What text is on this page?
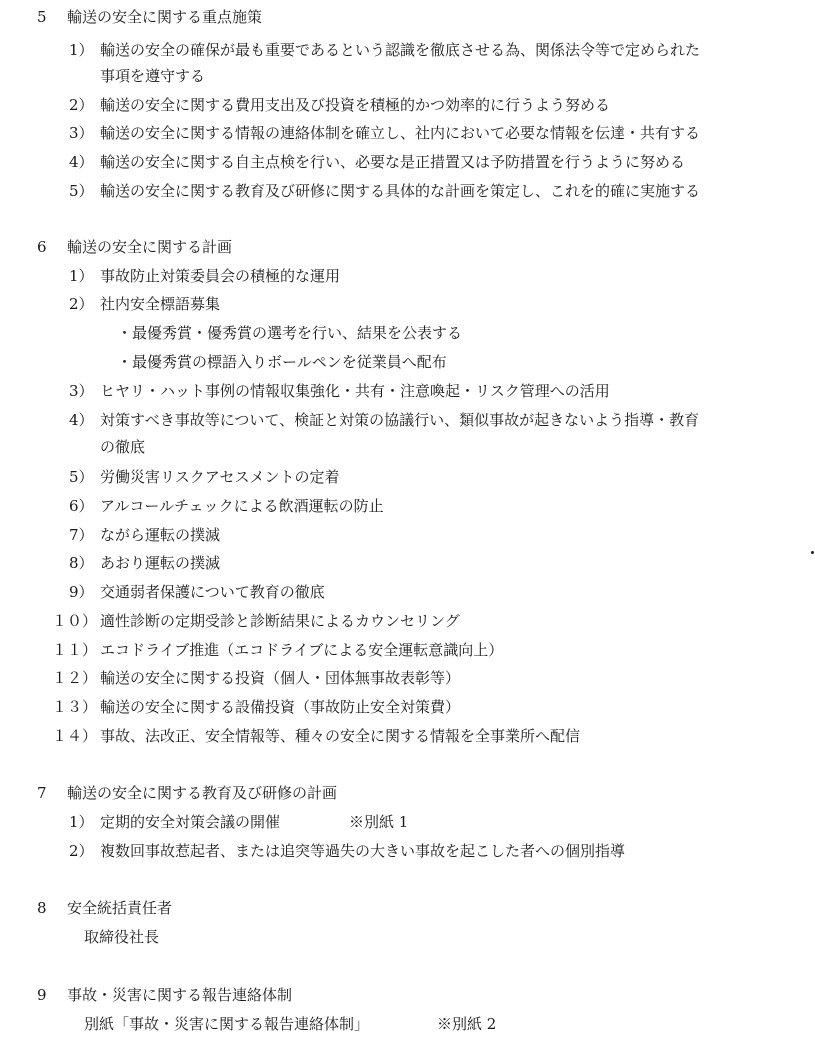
5 輸送の安全に関する重点施策
1） 輸送の安全の確保が最も重要であるという認識を徹底させる為、関係法令等で定められた
事項を遵守する
2） 輸送の安全に関する費用支出及び投資を積極的かつ効率的に行うよう努める
3） 輸送の安全に関する情報の連絡体制を確立し、社内において必要な情報を伝達・共有する
4） 輸送の安全に関する自主点検を行い、必要な是正措置又は予防措置を行うように努める
5） 輸送の安全に関する教育及び研修に関する具体的な計画を策定し、これを的確に実施する
6 輸送の安全に関する計画
1） 事故防止対策委員会の積極的な運用
2） 社内安全標語募集
・最優秀賞・優秀賞の選考を行い、結果を公表する
・最優秀賞の標語入りボールペンを従業員へ配布
3） ヒヤリ・ハット事例の情報収集強化・共有・注意喚起・リスク管理への活用
4） 対策すべき事故等について、検証と対策の協議行い、類似事故が起きないよう指導・教育
の徹底
5） 労働災害リスクアセスメントの定着
6） アルコールチェックによる飲酒運転の防止
7） ながら運転の撲滅
8） あおり運転の撲滅
9） 交通弱者保護について教育の徹底
１０） 適性診断の定期受診と診断結果によるカウンセリング
１１） エコドライブ推進（エコドライブによる安全運転意識向上）
１２） 輸送の安全に関する投資（個人・団体無事故表彰等）
１３） 輸送の安全に関する設備投資（事故防止安全対策費）
１４） 事故、法改正、安全情報等、種々の安全に関する情報を全事業所へ配信
7 輸送の安全に関する教育及び研修の計画
1） 定期的安全対策会議の開催	※別紙 1
2） 複数回事故惹起者、または追突等過失の大きい事故を起こした者への個別指導
8 安全統括責任者
取締役社長
9 事故・災害に関する報告連絡体制
別紙「事故・災害に関する報告連絡体制」	※別紙 2
